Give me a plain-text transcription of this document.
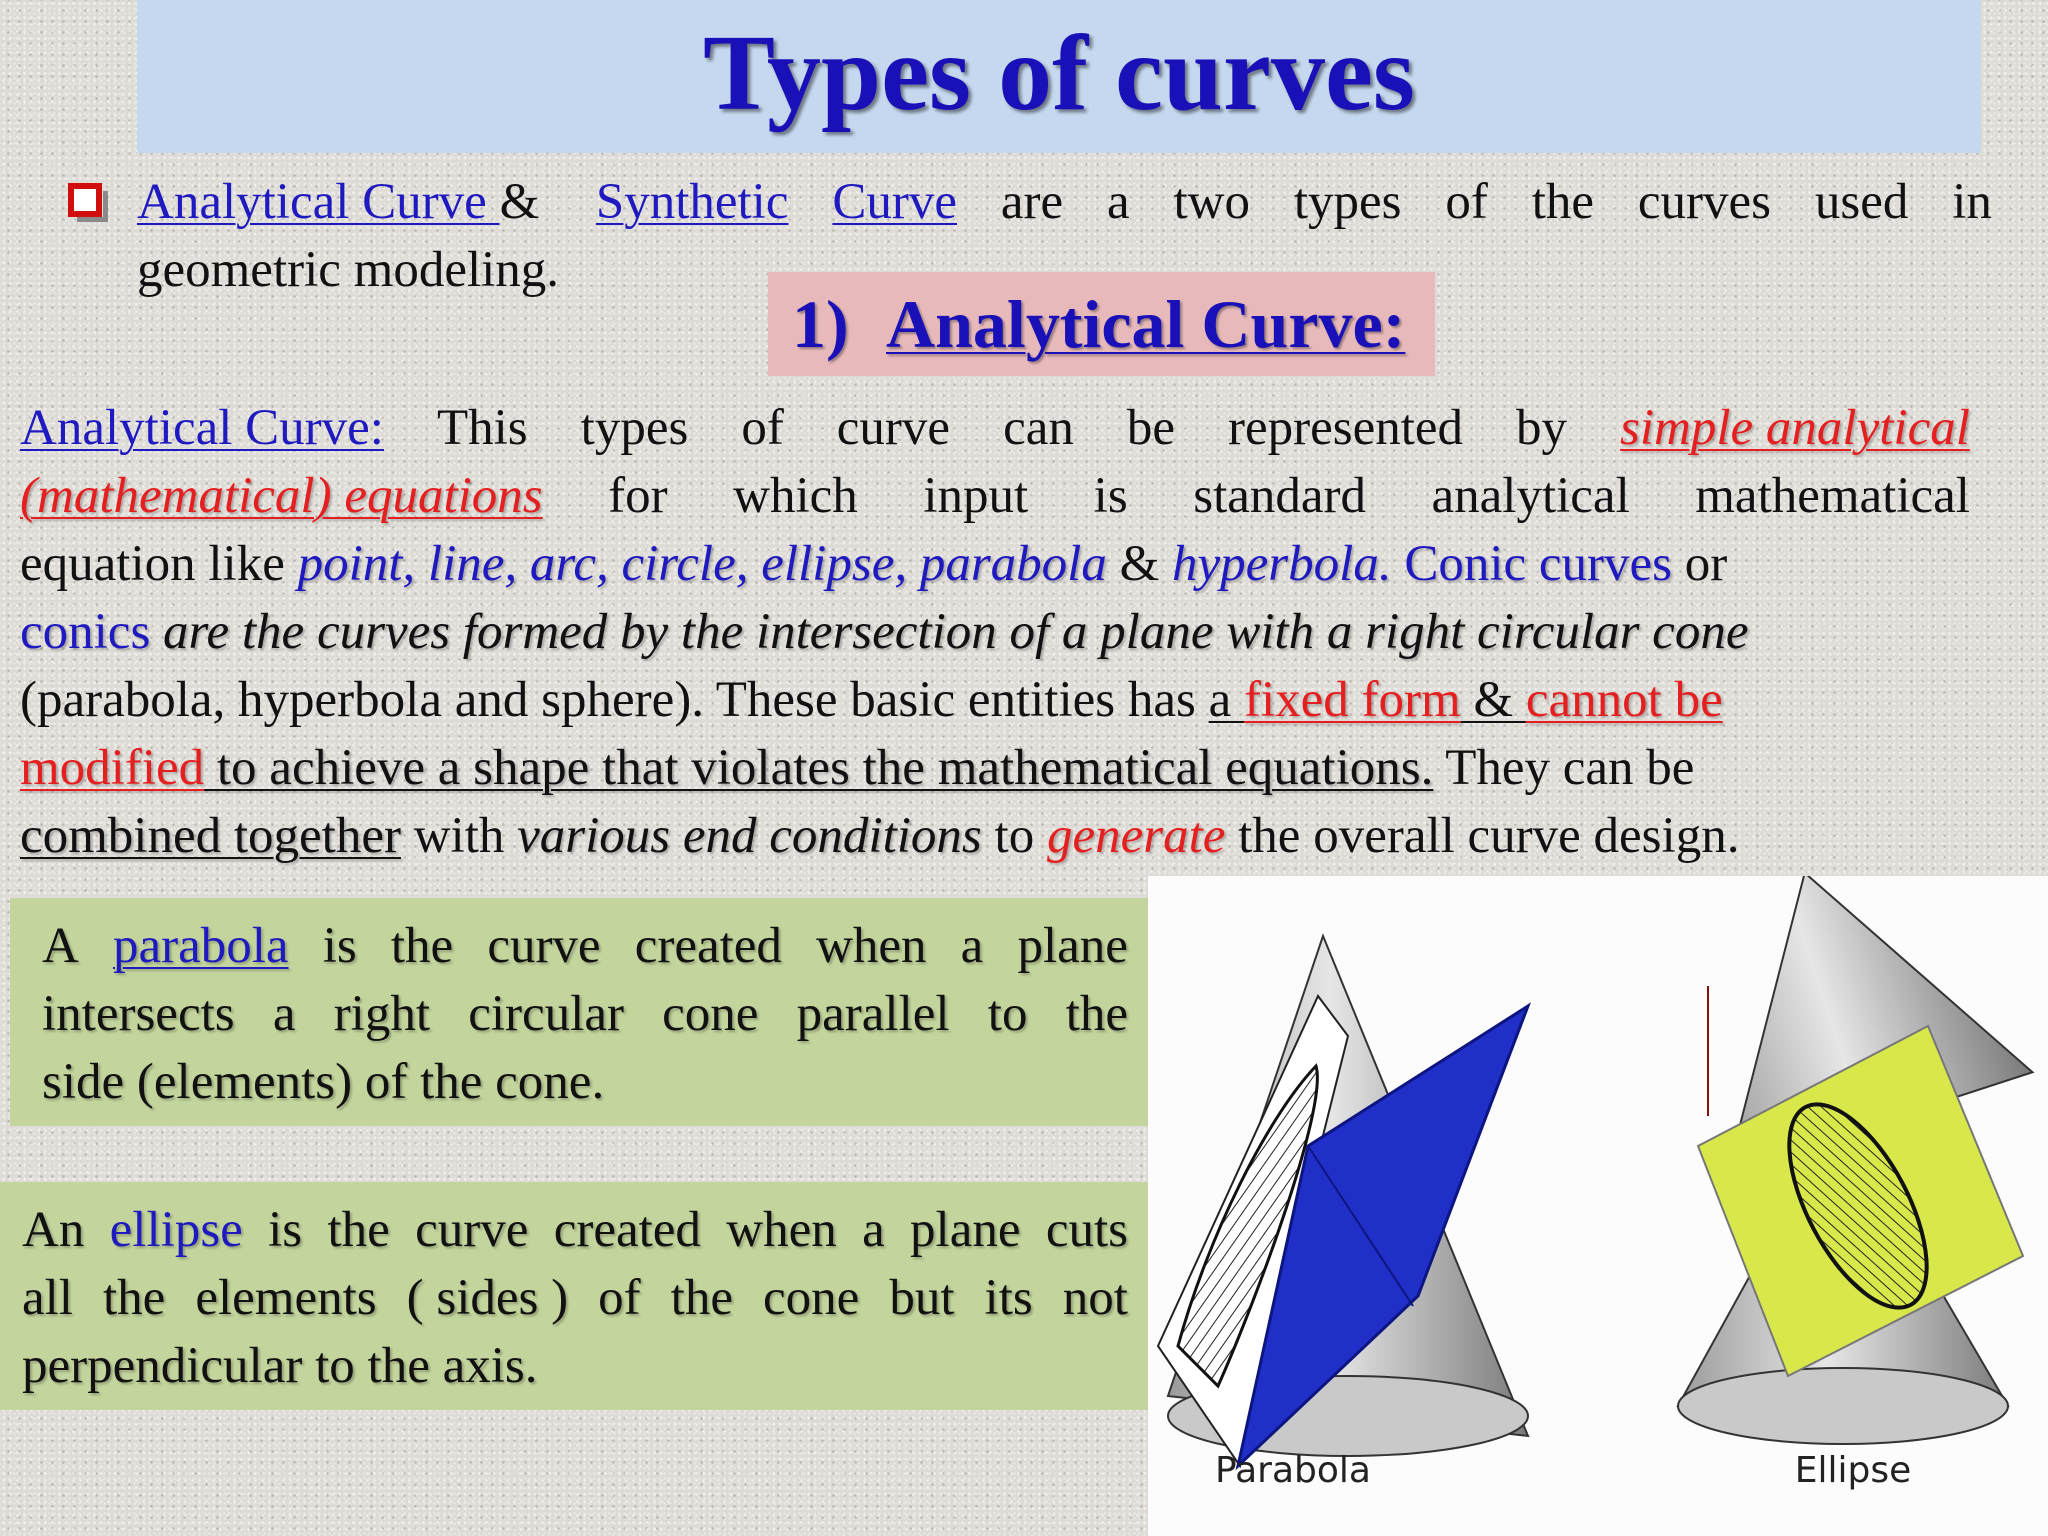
Types of curves
Analytical Curve & Synthetic Curve are a two types of the curves used in
geometric modeling.
1) Analytical Curve:
Analytical Curve: This types of curve can be represented by simple analytical
(mathematical) equations for which input is standard analytical mathematical
equation like point, line, arc, circle, ellipse, parabola & hyperbola. Conic curves or
conics are the curves formed by the intersection of a plane with a right circular cone
(parabola, hyperbola and sphere). These basic entities has a fixed form & cannot be
modified to achieve a shape that violates the mathematical equations. They can be
combined together with various end conditions to generate the overall curve design.
A parabola is the curve created when a plane
intersects a right circular cone parallel to the
side (elements) of the cone.
An ellipse is the curve created when a plane cuts
all the elements ( sides ) of the cone but its not
perpendicular to the axis.
Parabola	Ellipse
